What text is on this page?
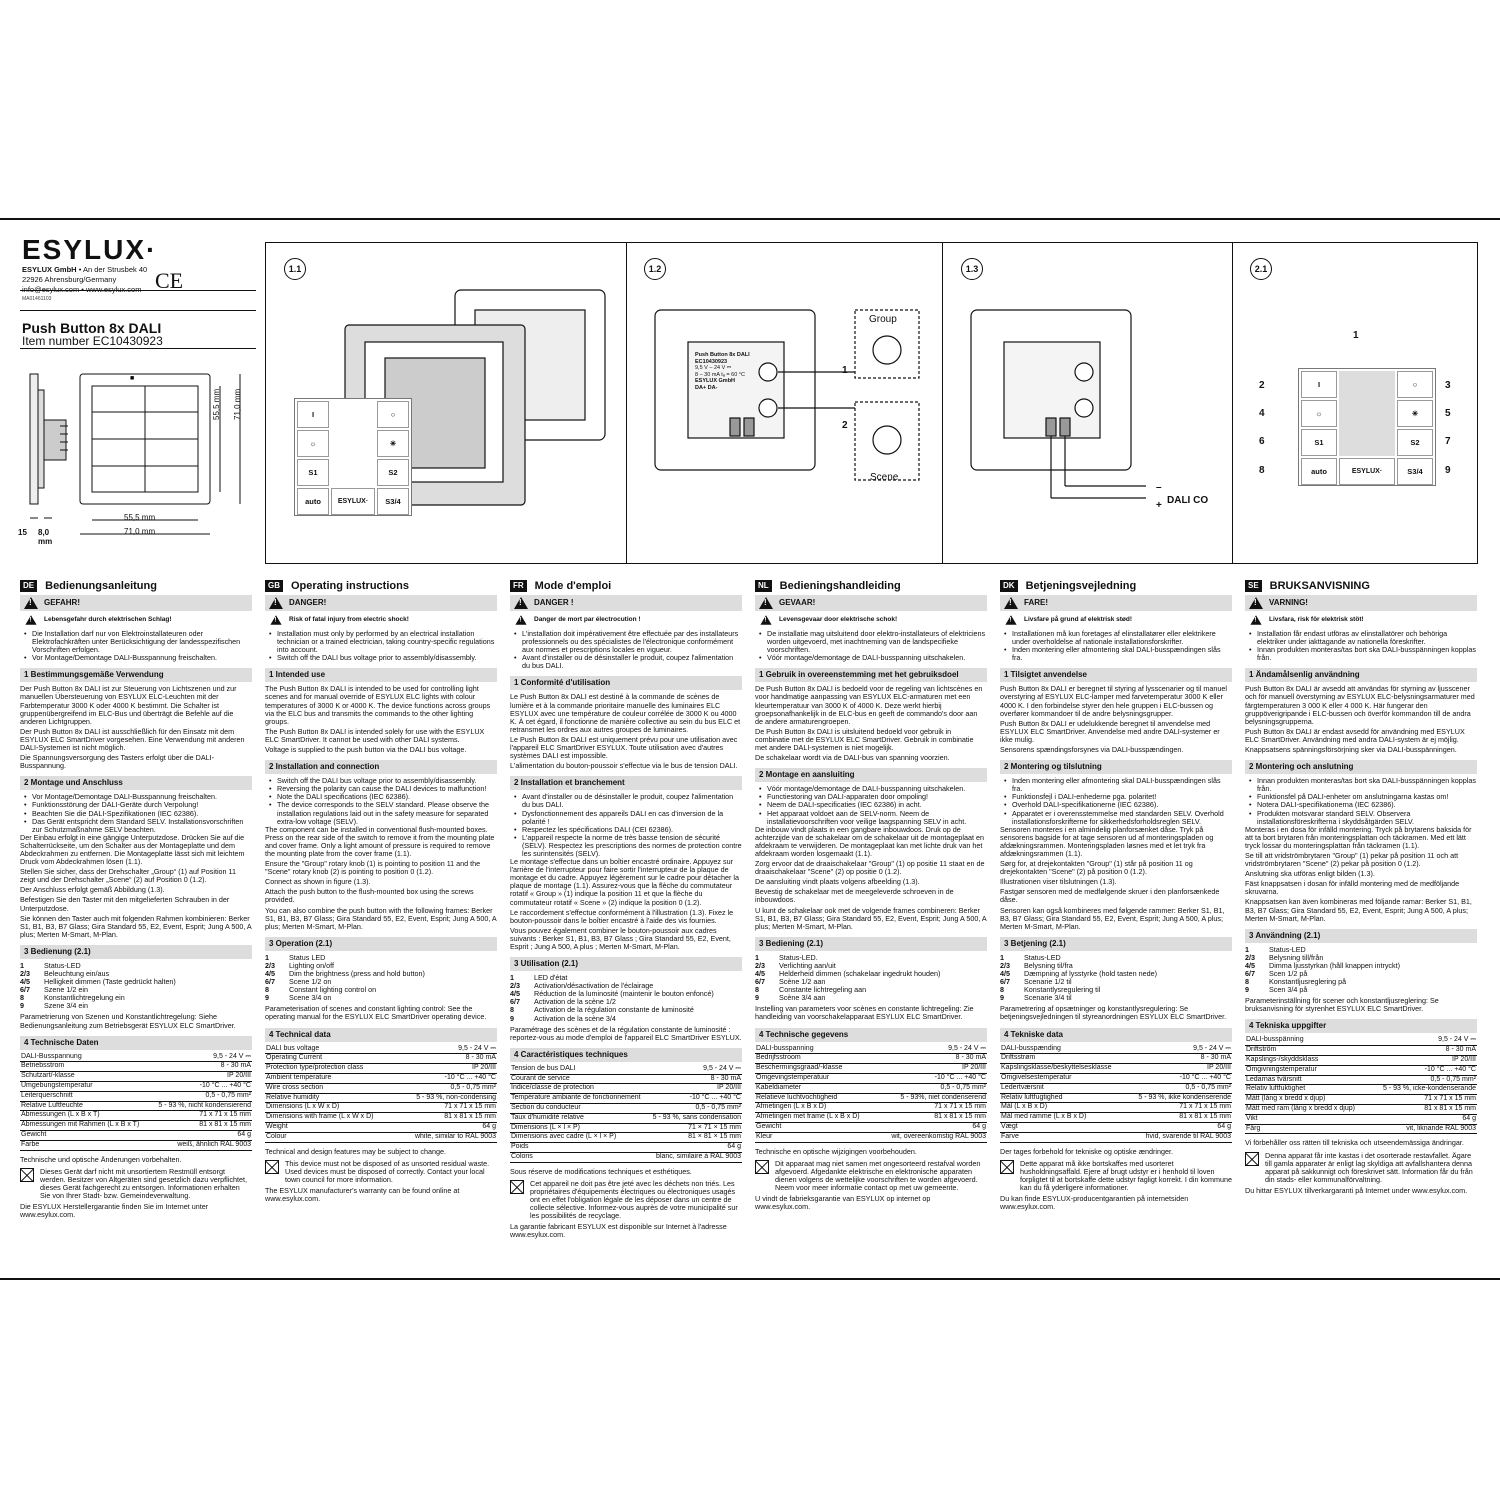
ESYLUX·
ESYLUX GmbH • An der Strusbek 40
22926 Ahrensburg/Germany
info@esylux.com • www.esylux.com
MA01461103
CE
Push Button 8x DALI
Item number EC10430923
■
15 8,0
mm
55,5 mm
71,0 mm
55,5 mm 71,0 mm
1.1	1.2	1.3	2.1
I	○
☼	✳
S1	S2
auto	S3/4
ESYLUX·
Group
Scene
1
2
Push Button 8x DALI
EC10430923
9,5 V – 24 V ⎓
8 – 30 mA tₐ = 60 °C
ESYLUX GmbH
DA+ DA-
DALI CO
–
+
I	○
☼	✳
S1	S2
auto	S3/4
ESYLUX·
1
2	3
4	5
6	7
8	9
DE Bedienungsanleitung
!
GEFAHR!
!
Lebensgefahr durch elektrischen Schlag!
• Die Installation darf nur von Elektroinstallateuren oder Elektrofachkräften unter Berücksichtigung der landesspezifischen Vorschriften erfolgen.
• Vor Montage/Demontage DALI-Busspannung freischalten.
1 Bestimmungsgemäße Verwendung

Der Push Button 8x DALI ist zur Steuerung von Lichtszenen und zur manuellen Übersteuerung von ESYLUX ELC-Leuchten mit der Farbtemperatur 3000 K oder 4000 K bestimmt. Die Schalter ist gruppenübergreifend im ELC-Bus und überträgt die Befehle auf die anderen Lichtgruppen.

Der Push Button 8x DALI ist ausschließlich für den Einsatz mit dem ESYLUX ELC SmartDriver vorgesehen. Eine Verwendung mit anderen DALI-Systemen ist nicht möglich.

Die Spannungsversorgung des Tasters erfolgt über die DALI-Busspannung.

2 Montage und Anschluss
• Vor Montage/Demontage DALI-Busspannung freischalten.
• Funktionsstörung der DALI-Geräte durch Verpolung!
• Beachten Sie die DALI-Spezifikationen (IEC 62386).
• Das Gerät entspricht dem Standard SELV. Installationsvorschriften zur Schutzmaßnahme SELV beachten.

Der Einbau erfolgt in eine gängige Unterputzdose. Drücken Sie auf die Schalterrückseite, um den Schalter aus der Montageplatte und dem Abdeckrahmen zu entfernen. Die Montageplatte lässt sich mit leichtem Druck vom Abdeckrahmen lösen (1.1).

Stellen Sie sicher, dass der Drehschalter „Group“ (1) auf Position 11 zeigt und der Drehschalter „Scene“ (2) auf Position 0 (1.2).

Der Anschluss erfolgt gemäß Abbildung (1.3).

Befestigen Sie den Taster mit den mitgelieferten Schrauben in der Unterputzdose.

Sie können den Taster auch mit folgenden Rahmen kombinieren: Berker S1, B1, B3, B7 Glass; Gira Standard 55, E2, Event, Esprit; Jung A 500, A plus; Merten M-Smart, M-Plan.

3 Bedienung (2.1)
1	Status-LED
2/3	Beleuchtung ein/aus
4/5	Helligkeit dimmen (Taste gedrückt halten)
6/7	Szene 1/2 ein
8	Konstantlichtregelung ein
9	Szene 3/4 ein

Parametrierung von Szenen und Konstantlichtregelung: Siehe Bedienungsanleitung zum Betriebsgerät ESYLUX ELC SmartDriver.

4 Technische Daten
DALI-Busspannung	9,5 - 24 V ⎓
Betriebsstrom	8 - 30 mA
Schutzart/-klasse	IP 20/III
Umgebungstemperatur	-10 °C ... +40 °C
Leiterquerschnitt	0,5 - 0,75 mm²
Relative Luftfeuchte	5 - 93 %, nicht kondensierend
Abmessungen (L x B x T)	71 x 71 x 15 mm
Abmessungen mit Rahmen (L x B x T)	81 x 81 x 15 mm
Gewicht	64 g
Farbe	weiß, ähnlich RAL 9003

Technische und optische Änderungen vorbehalten.

Dieses Gerät darf nicht mit unsortiertem Restmüll entsorgt werden. Besitzer von Altgeräten sind gesetzlich dazu verpflichtet, dieses Gerät fachgerecht zu entsorgen. Informationen erhalten Sie von Ihrer Stadt- bzw. Gemeindeverwaltung.

Die ESYLUX Herstellergarantie finden Sie im Internet unter www.esylux.com.

GB Operating instructions
!
DANGER!
!
Risk of fatal injury from electric shock!
• Installation must only by performed by an electrical installation technician or a trained electrician, taking country-specific regulations into account.
• Switch off the DALI bus voltage prior to assembly/disassembly.
1 Intended use

The Push Button 8x DALI is intended to be used for controlling light scenes and for manual override of ESYLUX ELC lights with colour temperatures of 3000 K or 4000 K. The device functions across groups via the ELC bus and transmits the commands to the other lighting groups.

The Push Button 8x DALI is intended solely for use with the ESYLUX ELC SmartDriver. It cannot be used with other DALI systems.

Voltage is supplied to the push button via the DALI bus voltage.

2 Installation and connection
• Switch off the DALI bus voltage prior to assembly/disassembly.
• Reversing the polarity can cause the DALI devices to malfunction!
• Note the DALI specifications (IEC 62386).
• The device corresponds to the SELV standard. Please observe the installation regulations laid out in the safety measure for separated extra-low voltage (SELV).

The component can be installed in conventional flush-mounted boxes. Press on the rear side of the switch to remove it from the mounting plate and cover frame. Only a light amount of pressure is required to remove the mounting plate from the cover frame (1.1).

Ensure the "Group" rotary knob (1) is pointing to position 11 and the "Scene" rotary knob (2) is pointing to position 0 (1.2).

Connect as shown in figure (1.3).

Attach the push button to the flush-mounted box using the screws provided.

You can also combine the push button with the following frames: Berker S1, B1, B3, B7 Glass; Gira Standard 55, E2, Event, Esprit; Jung A 500, A plus; Merten M-Smart, M-Plan.

3 Operation (2.1)
1	Status LED
2/3	Lighting on/off
4/5	Dim the brightness (press and hold button)
6/7	Scene 1/2 on
8	Constant lighting control on
9	Scene 3/4 on

Parameterisation of scenes and constant lighting control: See the operating manual for the ESYLUX ELC SmartDriver operating device.

4 Technical data
DALI bus voltage	9,5 - 24 V ⎓
Operating Current	8 - 30 mA
Protection type/protection class	IP 20/III
Ambient temperature	-10 °C ... +40 °C
Wire cross section	0,5 - 0,75 mm²
Relative humidity	5 - 93 %, non-condensing
Dimensions (L x W x D)	71 x 71 x 15 mm
Dimensions with frame (L x W x D)	81 x 81 x 15 mm
Weight	64 g
Colour	white, similar to RAL 9003

Technical and design features may be subject to change.

This device must not be disposed of as unsorted residual waste. Used devices must be disposed of correctly. Contact your local town council for more information.

The ESYLUX manufacturer's warranty can be found online at www.esylux.com.

FR Mode d'emploi
!
DANGER !
!
Danger de mort par électrocution !
• L'installation doit impérativement être effectuée par des installateurs professionnels ou des spécialistes de l'électronique conformément aux normes et prescriptions locales en vigueur.
• Avant d'installer ou de désinstaller le produit, coupez l'alimentation du bus DALI.
1 Conformité d'utilisation

Le Push Button 8x DALI est destiné à la commande de scènes de lumière et à la commande prioritaire manuelle des luminaires ELC ESYLUX avec une température de couleur corrélée de 3000 K ou 4000 K. À cet égard, il fonctionne de manière collective au sein du bus ELC et retransmet les ordres aux autres groupes de luminaires.

Le Push Button 8x DALI est uniquement prévu pour une utilisation avec l'appareil ELC SmartDriver ESYLUX. Toute utilisation avec d'autres systèmes DALI est impossible.

L'alimentation du bouton-poussoir s'effectue via le bus de tension DALI.

2 Installation et branchement
• Avant d'installer ou de désinstaller le produit, coupez l'alimentation du bus DALI.
• Dysfonctionnement des appareils DALI en cas d'inversion de la polarité !
• Respectez les spécifications DALI (CEI 62386).
• L'appareil respecte la norme de très basse tension de sécurité (SELV). Respectez les prescriptions des normes de protection contre les surintensités (SELV).

Le montage s'effectue dans un boîtier encastré ordinaire. Appuyez sur l'arrière de l'interrupteur pour faire sortir l'interrupteur de la plaque de montage et du cadre. Appuyez légèrement sur le cadre pour détacher la plaque de montage (1.1). Assurez-vous que la flèche du commutateur rotatif « Group » (1) indique la position 11 et que la flèche du commutateur rotatif « Scene » (2) indique la position 0 (1.2).

Le raccordement s'effectue conformément à l'illustration (1.3). Fixez le bouton-poussoir dans le boîtier encastré à l'aide des vis fournies.

Vous pouvez également combiner le bouton-poussoir aux cadres suivants : Berker S1, B1, B3, B7 Glass ; Gira Standard 55, E2, Event, Esprit ; Jung A 500, A plus ; Merten M-Smart, M-Plan.

3 Utilisation (2.1)
1	LED d'état
2/3	Activation/désactivation de l'éclairage
4/5	Réduction de la luminosité (maintenir le bouton enfoncé)
6/7	Activation de la scène 1/2
8	Activation de la régulation constante de luminosité
9	Activation de la scène 3/4

Paramétrage des scènes et de la régulation constante de luminosité : reportez-vous au mode d'emploi de l'appareil ELC SmartDriver ESYLUX.

4 Caractéristiques techniques
Tension de bus DALI	9,5 - 24 V ⎓
Courant de service	8 - 30 mA
Indice/classe de protection	IP 20/III
Température ambiante de fonctionnement	-10 °C ... +40 °C
Section du conducteur	0,5 - 0,75 mm²
Taux d'humidité relative	5 - 93 %, sans condensation
Dimensions (L × l × P)	71 × 71 × 15 mm
Dimensions avec cadre (L × l × P)	81 × 81 × 15 mm
Poids	64 g
Coloris	blanc, similaire à RAL 9003

Sous réserve de modifications techniques et esthétiques.

Cet appareil ne doit pas être jeté avec les déchets non triés. Les propriétaires d'équipements électriques ou électroniques usagés ont en effet l'obligation légale de les déposer dans un centre de collecte sélective. Informez-vous auprès de votre municipalité sur les possibilités de recyclage.

La garantie fabricant ESYLUX est disponible sur Internet à l'adresse www.esylux.com.

NL Bedieningshandleiding
!
GEVAAR!
!
Levensgevaar door elektrische schok!
• De installatie mag uitsluitend door elektro-installateurs of elektriciens worden uitgevoerd, met inachtneming van de landspecifieke voorschriften.
• Vóór montage/demontage de DALI-busspanning uitschakelen.
1 Gebruik in overeenstemming met het gebruiksdoel

De Push Button 8x DALI is bedoeld voor de regeling van lichtscènes en voor handmatige aanpassing van ESYLUX ELC-armaturen met een kleurtemperatuur van 3000 K of 4000 K. Deze werkt hierbij groepsonafhankelijk in de ELC-bus en geeft de commando's door aan de andere armaturengroepen.

De Push Button 8x DALI is uitsluitend bedoeld voor gebruik in combinatie met de ESYLUX ELC SmartDriver. Gebruik in combinatie met andere DALI-systemen is niet mogelijk.

De schakelaar wordt via de DALI-bus van spanning voorzien.

2 Montage en aansluiting
• Vóór montage/demontage de DALI-busspanning uitschakelen.
• Functiestoring van DALI-apparaten door ompoling!
• Neem de DALI-specificaties (IEC 62386) in acht.
• Het apparaat voldoet aan de SELV-norm. Neem de installatievoorschriften voor veilige laagspanning SELV in acht.

De inbouw vindt plaats in een gangbare inbouwdoos. Druk op de achterzijde van de schakelaar om de schakelaar uit de montageplaat en afdekraam te verwijderen. De montageplaat kan met lichte druk van het afdekraam worden losgemaakt (1.1).

Zorg ervoor dat de draaischakelaar "Group" (1) op positie 11 staat en de draaischakelaar "Scene" (2) op positie 0 (1.2).

De aansluiting vindt plaats volgens afbeelding (1.3).

Bevestig de schakelaar met de meegeleverde schroeven in de inbouwdoos.

U kunt de schakelaar ook met de volgende frames combineren: Berker S1, B1, B3, B7 Glass; Gira Standard 55, E2, Event, Esprit; Jung A 500, A plus; Merten M-Smart, M-Plan.

3 Bediening (2.1)
1	Status-LED.
2/3	Verlichting aan/uit
4/5	Helderheid dimmen (schakelaar ingedrukt houden)
6/7	Scène 1/2 aan
8	Constante lichtregeling aan
9	Scène 3/4 aan

Instelling van parameters voor scènes en constante lichtregeling: Zie handleiding van voorschakelapparaat ESYLUX ELC SmartDriver.

4 Technische gegevens
DALI-busspanning	9,5 - 24 V ⎓
Bedrijfsstroom	8 - 30 mA
Beschermingsgraad/-klasse	IP 20/III
Omgevingstemperatuur	-10 °C ... +40 °C
Kabeldiameter	0,5 - 0,75 mm²
Relatieve luchtvochtigheid	5 - 93%, niet condenserend
Afmetingen (L x B x D)	71 x 71 x 15 mm
Afmetingen met frame (L x B x D)	81 x 81 x 15 mm
Gewicht	64 g
Kleur	wit, overeenkomstig RAL 9003

Technische en optische wijzigingen voorbehouden.

Dit apparaat mag niet samen met ongesorteerd restafval worden afgevoerd. Afgedankte elektrische en elektronische apparaten dienen volgens de wettelijke voorschriften te worden afgevoerd. Neem voor meer informatie contact op met uw gemeente.

U vindt de fabrieksgarantie van ESYLUX op internet op www.esylux.com.

DK Betjeningsvejledning
!
FARE!
!
Livsfare på grund af elektrisk stød!
• Installationen må kun foretages af elinstallatører eller elektrikere under overholdelse af nationale installationsforskrifter.
• Inden montering eller afmontering skal DALI-busspændingen slås fra.
1 Tilsigtet anvendelse

Push Button 8x DALI er beregnet til styring af lysscenarier og til manuel overstyring af ESYLUX ELC-lamper med farvetemperatur 3000 K eller 4000 K. I den forbindelse styrer den hele gruppen i ELC-bussen og overfører kommandoer til de andre belysningsgrupper.

Push Button 8x DALI er udelukkende beregnet til anvendelse med ESYLUX ELC SmartDriver. Anvendelse med andre DALI-systemer er ikke mulig.

Sensorens spændingsforsynes via DALI-busspændingen.

2 Montering og tilslutning
• Inden montering eller afmontering skal DALI-busspændingen slås fra.
• Funktionsfejl i DALI-enhederne pga. polaritet!
• Overhold DALI-specifikationerne (IEC 62386).
• Apparatet er i overensstemmelse med standarden SELV. Overhold installationsforskrifterne for sikkerhedsforholdsreglen SELV.

Sensoren monteres i en almindelig planforsænket dåse. Tryk på sensorens bagside for at tage sensoren ud af monteringspladen og afdækningsrammen. Monteringspladen løsnes med et let tryk fra afdækningsrammen (1.1).

Sørg for, at drejekontakten "Group" (1) står på position 11 og drejekontakten "Scene" (2) på position 0 (1.2).

Illustrationen viser tilslutningen (1.3).

Fastgør sensoren med de medfølgende skruer i den planforsænkede dåse.

Sensoren kan også kombineres med følgende rammer: Berker S1, B1, B3, B7 Glass; Gira Standard 55, E2, Event, Esprit; Jung A 500, A plus; Merten M-Smart, M-Plan.

3 Betjening (2.1)
1	Status-LED
2/3	Belysning til/fra
4/5	Dæmpning af lysstyrke (hold tasten nede)
6/7	Scenarie 1/2 til
8	Konstantlysregulering til
9	Scenarie 3/4 til

Parametrering af opsætninger og konstantlysregulering: Se betjeningsvejledningen til styreanordningen ESYLUX ELC SmartDriver.

4 Tekniske data
DALI-busspænding	9,5 - 24 V ⎓
Driftsstrøm	8 - 30 mA
Kapslingsklasse/beskyttelsesklasse	IP 20/III
Omgivelsestemperatur	-10 °C ... +40 °C
Ledertværsnit	0,5 - 0,75 mm²
Relativ luftfugtighed	5 - 93 %, ikke kondenserende
Mål (L x B x D)	71 x 71 x 15 mm
Mål med ramme (L x B x D)	81 x 81 x 15 mm
Vægt	64 g
Farve	hvid, svarende til RAL 9003

Der tages forbehold for tekniske og optiske ændringer.

Dette apparat må ikke bortskaffes med usorteret husholdningsaffald. Ejere af brugt udstyr er i henhold til loven forpligtet til at bortskaffe dette udstyr fagligt korrekt. I din kommune kan du få yderligere informationer.

Du kan finde ESYLUX-producentgarantien på internetsiden www.esylux.com.

SE BRUKSANVISNING
!
VARNING!
!
Livsfara, risk för elektrisk stöt!
• Installation får endast utföras av elinstallatörer och behöriga elektriker under iakttagande av nationella föreskrifter.
• Innan produkten monteras/tas bort ska DALI-busspänningen kopplas från.
1 Ändamålsenlig användning

Push Button 8x DALI är avsedd att användas för styrning av ljusscener och för manuell överstyrning av ESYLUX ELC-belysningsarmaturer med färgtemperaturen 3 000 K eller 4 000 K. Här fungerar den gruppöverigripande i ELC-bussen och överför kommandon till de andra belysningsgrupperna.

Push Button 8x DALI är endast avsedd för användning med ESYLUX ELC SmartDriver. Användning med andra DALI-system är ej möjlig.

Knappsatsens spänningsförsörjning sker via DALI-busspänningen.

2 Montering och anslutning
• Innan produkten monteras/tas bort ska DALI-busspänningen kopplas från.
• Funktionsfel på DALI-enheter om anslutningarna kastas om!
• Notera DALI-specifikationerna (IEC 62386).
• Produkten motsvarar standard SELV. Observera installationsföreskrifterna i skyddsåtgärden SELV.

Monteras i en dosa för infälld montering. Tryck på brytarens baksida för att ta bort brytaren från monteringsplattan och täckramen. Med ett lätt tryck lossar du monteringsplattan från täckramen (1.1).

Se till att vridströmbrytaren "Group" (1) pekar på position 11 och att vridströmbrytaren "Scene" (2) pekar på position 0 (1.2).

Anslutning ska utföras enligt bilden (1.3).

Fäst knappsatsen i dosan för infälld montering med de medföljande skruvarna.

Knappsatsen kan även kombineras med följande ramar: Berker S1, B1, B3, B7 Glass; Gira Standard 55, E2, Event, Esprit; Jung A 500, A plus; Merten M-Smart, M-Plan.

3 Användning (2.1)
1	Status-LED
2/3	Belysning till/från
4/5	Dimma ljusstyrkan (håll knappen intryckt)
6/7	Scen 1/2 på
8	Konstantljusreglering på
9	Scen 3/4 på

Parameterinställning för scener och konstantljusreglering: Se bruksanvisning för styrenhet ESYLUX ELC SmartDriver.

4 Tekniska uppgifter
DALI-busspänning	9,5 - 24 V ⎓
Driftström	8 - 30 mA
Kapslings-/skyddsklass	IP 20/III
Omgivningstemperatur	-10 °C ... +40 °C
Ledarnas tvärsnitt	0,5 - 0,75 mm²
Relativ luftfuktighet	5 - 93 %, icke-kondenserande
Mått (lång x bredd x djup)	71 x 71 x 15 mm
Mått med ram (lång x bredd x djup)	81 x 81 x 15 mm
Vikt	64 g
Färg	vit, liknande RAL 9003

Vi förbehåller oss rätten till tekniska och utseendemässiga ändringar.

Denna apparat får inte kastas i det osorterade restavfallet. Ägare till gamla apparater är enligt lag skyldiga att avfallshantera denna apparat på sakkunnigt och föreskrivet sätt. Information får du från din stads- eller kommunalförvaltning.

Du hittar ESYLUX tillverkargaranti på Internet under www.esylux.com.
